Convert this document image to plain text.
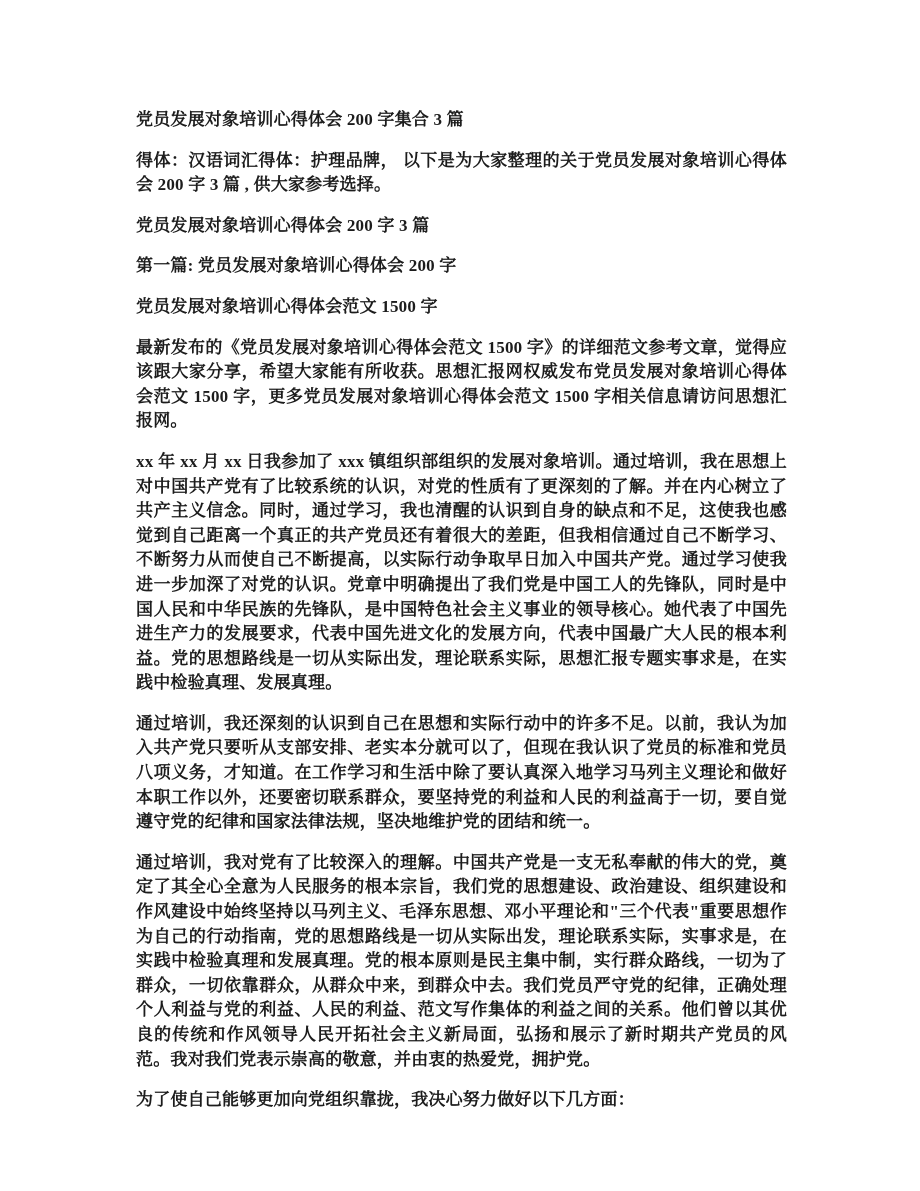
党员发展对象培训心得体会 200 字集合 3 篇

得体：汉语词汇得体：护理品牌， 以下是为大家整理的关于党员发展对象培训心得体会 200 字 3 篇 , 供大家参考选择。

党员发展对象培训心得体会 200 字 3 篇

第一篇: 党员发展对象培训心得体会 200 字

党员发展对象培训心得体会范文 1500 字

最新发布的《党员发展对象培训心得体会范文 1500 字》的详细范文参考文章，觉得应该跟大家分享，希望大家能有所收获。思想汇报网权威发布党员发展对象培训心得体会范文 1500 字，更多党员发展对象培训心得体会范文 1500 字相关信息请访问思想汇报网。

xx 年 xx 月 xx 日我参加了 xxx 镇组织部组织的发展对象培训。通过培训，我在思想上对中国共产党有了比较系统的认识，对党的性质有了更深刻的了解。并在内心树立了共产主义信念。同时，通过学习，我也清醒的认识到自身的缺点和不足，这使我也感觉到自己距离一个真正的共产党员还有着很大的差距，但我相信通过自己不断学习、不断努力从而使自己不断提高，以实际行动争取早日加入中国共产党。通过学习使我进一步加深了对党的认识。党章中明确提出了我们党是中国工人的先锋队，同时是中国人民和中华民族的先锋队，是中国特色社会主义事业的领导核心。她代表了中国先进生产力的发展要求，代表中国先进文化的发展方向，代表中国最广大人民的根本利益。党的思想路线是一切从实际出发，理论联系实际，思想汇报专题实事求是，在实践中检验真理、发展真理。

通过培训，我还深刻的认识到自己在思想和实际行动中的许多不足。以前，我认为加入共产党只要听从支部安排、老实本分就可以了，但现在我认识了党员的标准和党员八项义务，才知道。在工作学习和生活中除了要认真深入地学习马列主义理论和做好本职工作以外，还要密切联系群众，要坚持党的利益和人民的利益高于一切，要自觉遵守党的纪律和国家法律法规，坚决地维护党的团结和统一。

通过培训，我对党有了比较深入的理解。中国共产党是一支无私奉献的伟大的党，奠定了其全心全意为人民服务的根本宗旨，我们党的思想建设、政治建设、组织建设和作风建设中始终坚持以马列主义、毛泽东思想、邓小平理论和"三个代表"重要思想作为自己的行动指南，党的思想路线是一切从实际出发，理论联系实际，实事求是，在实践中检验真理和发展真理。党的根本原则是民主集中制，实行群众路线，一切为了群众，一切依靠群众，从群众中来，到群众中去。我们党员严守党的纪律，正确处理个人利益与党的利益、人民的利益、范文写作集体的利益之间的关系。他们曾以其优良的传统和作风领导人民开拓社会主义新局面，弘扬和展示了新时期共产党员的风范。我对我们党表示崇高的敬意，并由衷的热爱党，拥护党。

为了使自己能够更加向党组织靠拢，我决心努力做好以下几方面：
